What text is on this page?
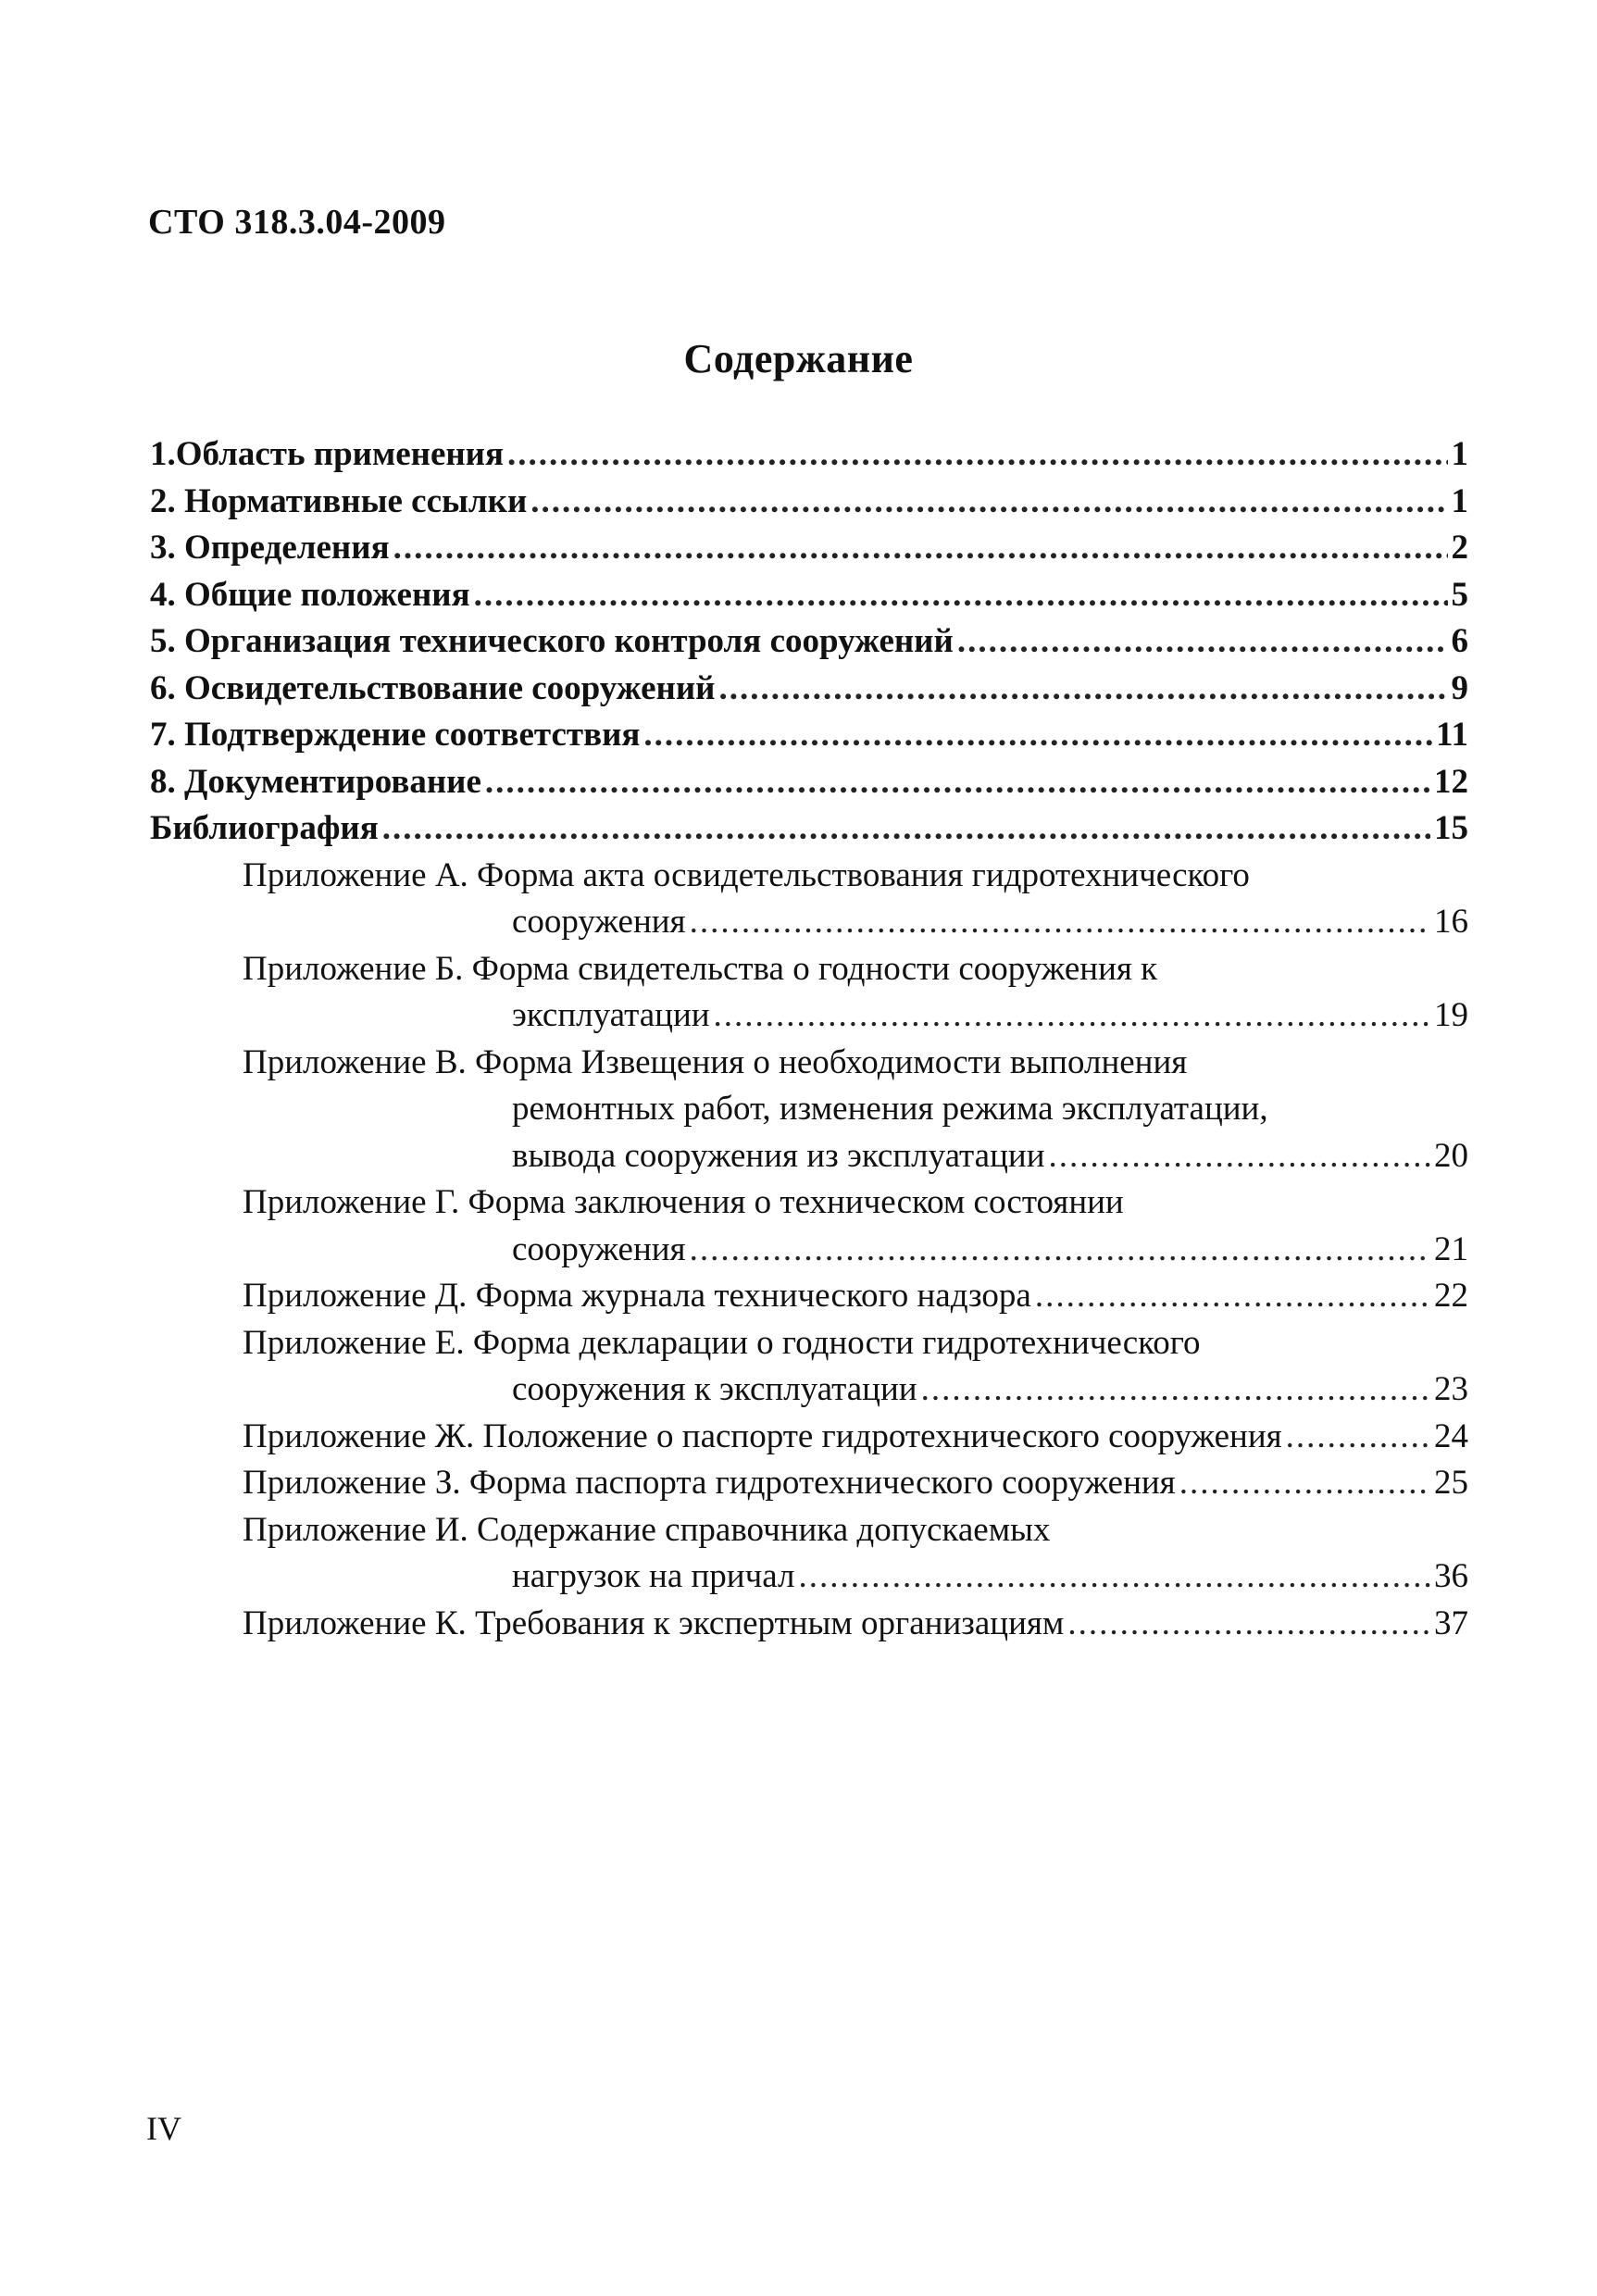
СТО 318.3.04-2009
Содержание
1.Область применения .....	1
2. Нормативные ссылки .....	1
3. Определения .....	2
4. Общие положения .....	5
5. Организация технического контроля сооружений .....	6
6. Освидетельствование сооружений .....	9
7. Подтверждение соответствия .....	11
8. Документирование .....	12
Библиография .....	15
Приложение А. Форма акта освидетельствования гидротехнического
сооружения .....	16
Приложение Б. Форма свидетельства о годности сооружения к
эксплуатации .....	19
Приложение В. Форма Извещения о необходимости выполнения
ремонтных работ, изменения режима эксплуатации,
вывода сооружения из эксплуатации .....	20
Приложение Г. Форма заключения о техническом состоянии
сооружения .....	21
Приложение Д. Форма журнала технического надзора .....	22
Приложение Е. Форма декларации о годности гидротехнического
сооружения к эксплуатации .....	23
Приложение Ж. Положение о паспорте гидротехнического сооружения .....	24
Приложение З. Форма паспорта гидротехнического сооружения .....	25
Приложение И. Содержание справочника допускаемых
нагрузок на причал .....	36
Приложение К. Требования к экспертным организациям .....	37
IV
